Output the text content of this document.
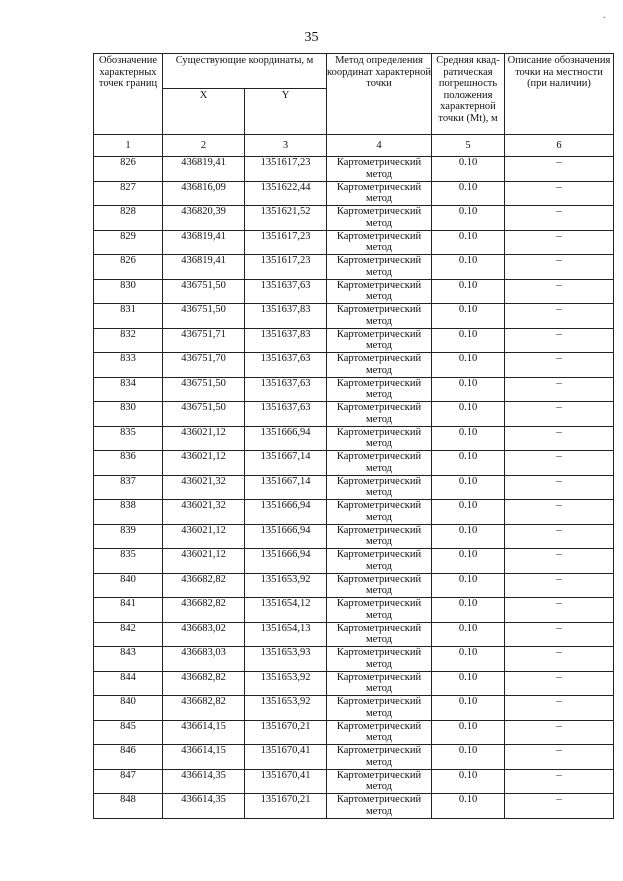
.
35
Обозначение характерных точек границ	Существующие координаты, м		Метод определения координат характерной точки	Средняя квад-ратическая погрешность положения характерной точки (Mt), м	Описание обозначения точки на местности (при наличии)
	X	Y			
1	2	3	4	5	6
826	436819,41	1351617,23	Картометрический метод	0.10	–
827	436816,09	1351622,44	Картометрический метод	0.10	–
828	436820,39	1351621,52	Картометрический метод	0.10	–
829	436819,41	1351617,23	Картометрический метод	0.10	–
826	436819,41	1351617,23	Картометрический метод	0.10	–
830	436751,50	1351637,63	Картометрический метод	0.10	–
831	436751,50	1351637,83	Картометрический метод	0.10	–
832	436751,71	1351637,83	Картометрический метод	0.10	–
833	436751,70	1351637,63	Картометрический метод	0.10	–
834	436751,50	1351637,63	Картометрический метод	0.10	–
830	436751,50	1351637,63	Картометрический метод	0.10	–
835	436021,12	1351666,94	Картометрический метод	0.10	–
836	436021,12	1351667,14	Картометрический метод	0.10	–
837	436021,32	1351667,14	Картометрический метод	0.10	–
838	436021,32	1351666,94	Картометрический метод	0.10	–
839	436021,12	1351666,94	Картометрический метод	0.10	–
835	436021,12	1351666,94	Картометрический метод	0.10	–
840	436682,82	1351653,92	Картометрический метод	0.10	–
841	436682,82	1351654,12	Картометрический метод	0.10	–
842	436683,02	1351654,13	Картометрический метод	0.10	–
843	436683,03	1351653,93	Картометрический метод	0.10	–
844	436682,82	1351653,92	Картометрический метод	0.10	–
840	436682,82	1351653,92	Картометрический метод	0.10	–
845	436614,15	1351670,21	Картометрический метод	0.10	–
846	436614,15	1351670,41	Картометрический метод	0.10	–
847	436614,35	1351670,41	Картометрический метод	0.10	–
848	436614,35	1351670,21	Картометрический метод	0.10	–
